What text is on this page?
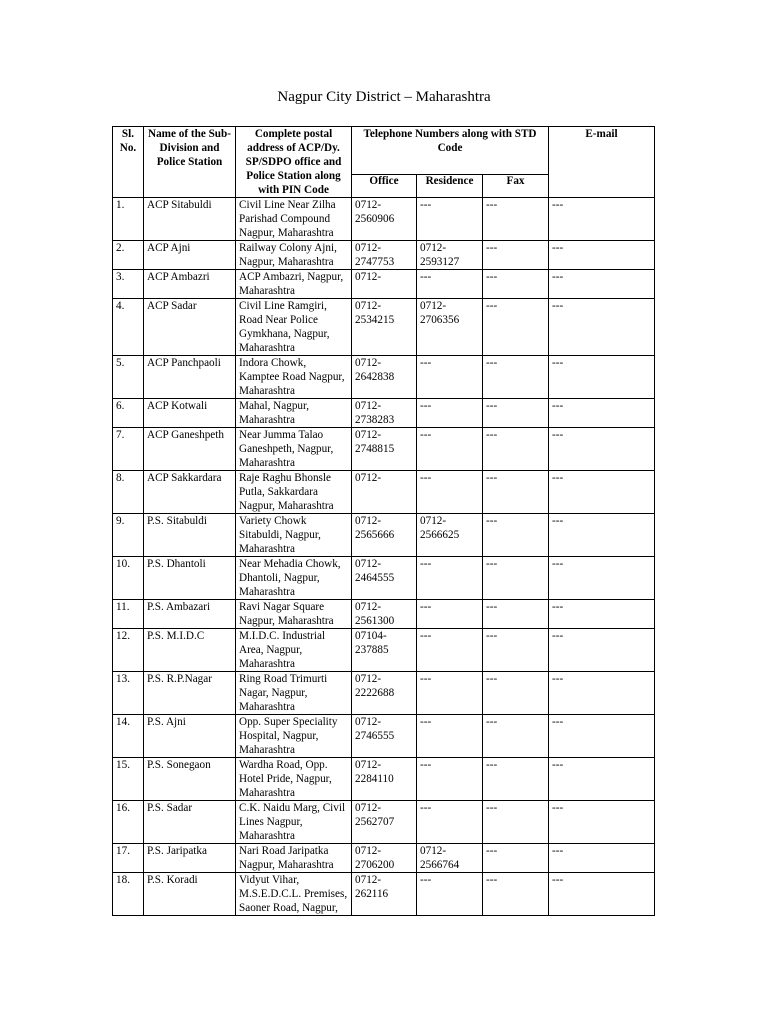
Nagpur City District – Maharashtra
Sl. No.	Name of the Sub-Division and Police Station	Complete postal address of ACP/Dy. SP/SDPO office and Police Station along with PIN Code	Telephone Numbers along with STD Code			E-mail
			Office	Residence	Fax	
1.	ACP Sitabuldi	Civil Line Near Zilha Parishad Compound Nagpur, Maharashtra	0712-2560906	---	---	---
2.	ACP Ajni	Railway Colony Ajni, Nagpur, Maharashtra	0712-2747753	0712-2593127	---	---
3.	ACP Ambazri	ACP Ambazri, Nagpur, Maharashtra	0712-	---	---	---
4.	ACP Sadar	Civil Line Ramgiri, Road Near Police Gymkhana, Nagpur, Maharashtra	0712-2534215	0712-2706356	---	---
5.	ACP Panchpaoli	Indora Chowk, Kamptee Road Nagpur, Maharashtra	0712-2642838	---	---	---
6.	ACP Kotwali	Mahal, Nagpur, Maharashtra	0712-2738283	---	---	---
7.	ACP Ganeshpeth	Near Jumma Talao Ganeshpeth, Nagpur, Maharashtra	0712-2748815	---	---	---
8.	ACP Sakkardara	Raje Raghu Bhonsle Putla, Sakkardara Nagpur, Maharashtra	0712-	---	---	---
9.	P.S. Sitabuldi	Variety Chowk Sitabuldi, Nagpur, Maharashtra	0712-2565666	0712-2566625	---	---
10.	P.S. Dhantoli	Near Mehadia Chowk, Dhantoli, Nagpur, Maharashtra	0712-2464555	---	---	---
11.	P.S. Ambazari	Ravi Nagar Square Nagpur, Maharashtra	0712-2561300	---	---	---
12.	P.S. M.I.D.C	M.I.D.C. Industrial Area, Nagpur, Maharashtra	07104-237885	---	---	---
13.	P.S. R.P.Nagar	Ring Road Trimurti Nagar, Nagpur, Maharashtra	0712-2222688	---	---	---
14.	P.S. Ajni	Opp. Super Speciality Hospital, Nagpur, Maharashtra	0712-2746555	---	---	---
15.	P.S. Sonegaon	Wardha Road, Opp. Hotel Pride, Nagpur, Maharashtra	0712-2284110	---	---	---
16.	P.S. Sadar	C.K. Naidu Marg, Civil Lines Nagpur, Maharashtra	0712-2562707	---	---	---
17.	P.S. Jaripatka	Nari Road Jaripatka Nagpur, Maharashtra	0712-2706200	0712-2566764	---	---
18.	P.S. Koradi	Vidyut Vihar, M.S.E.D.C.L. Premises, Saoner Road, Nagpur,	0712-262116	---	---	---
